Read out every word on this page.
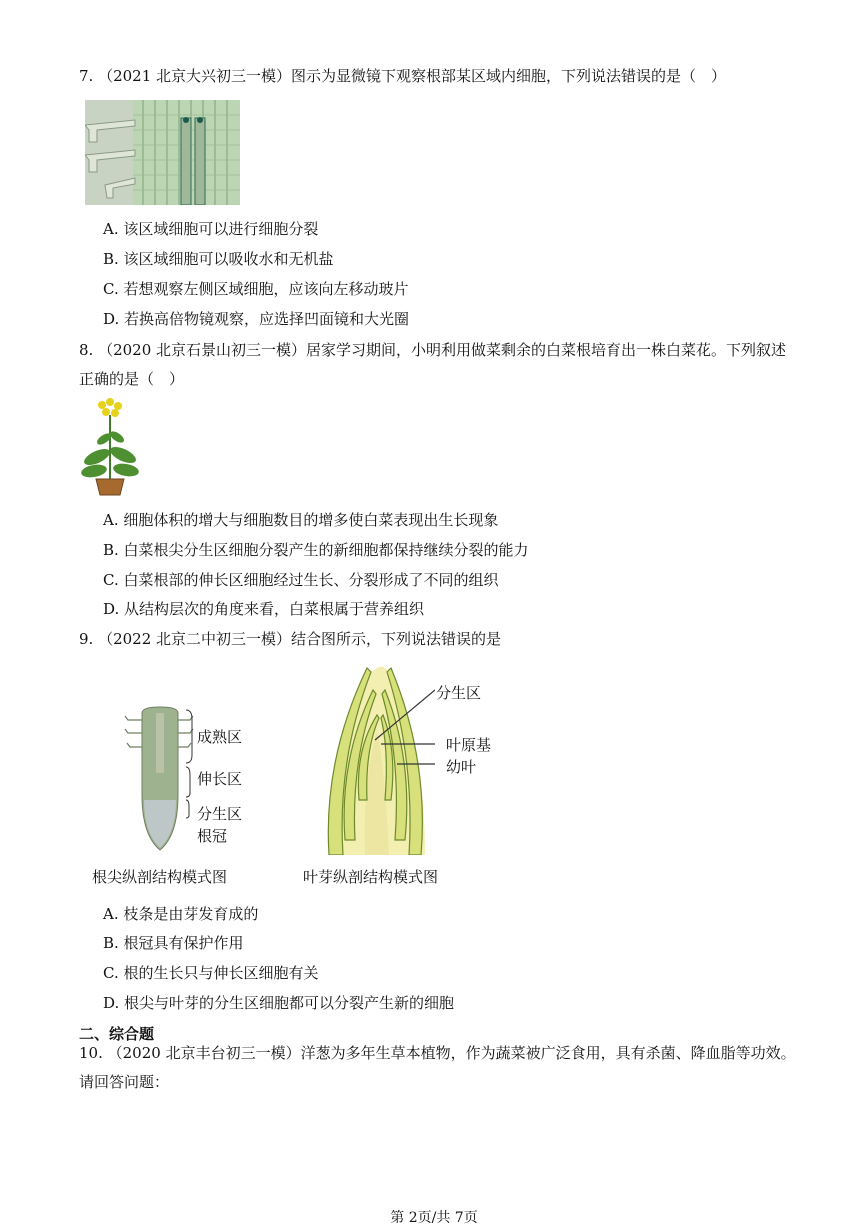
7. （2021 北京大兴初三一模）图示为显微镜下观察根部某区域内细胞，下列说法错误的是（　）
A. 该区域细胞可以进行细胞分裂
B. 该区域细胞可以吸收水和无机盐
C. 若想观察左侧区域细胞，应该向左移动玻片
D. 若换高倍物镜观察，应选择凹面镜和大光圈
8. （2020 北京石景山初三一模）居家学习期间，小明利用做菜剩余的白菜根培育出一株白菜花。下列叙述
正确的是（　）
A. 细胞体积的增大与细胞数目的增多使白菜表现出生长现象
B. 白菜根尖分生区细胞分裂产生的新细胞都保持继续分裂的能力
C. 白菜根部的伸长区细胞经过生长、分裂形成了不同的组织
D. 从结构层次的角度来看，白菜根属于营养组织
9. （2022 北京二中初三一模）结合图所示，下列说法错误的是
成熟区
伸长区
分生区
根冠
根尖纵剖结构模式图
分生区
叶原基
幼叶
叶芽纵剖结构模式图
A. 枝条是由芽发育成的
B. 根冠具有保护作用
C. 根的生长只与伸长区细胞有关
D. 根尖与叶芽的分生区细胞都可以分裂产生新的细胞
二、综合题
10. （2020 北京丰台初三一模）洋葱为多年生草本植物，作为蔬菜被广泛食用，具有杀菌、降血脂等功效。
请回答问题：
第 2页/共 7页
